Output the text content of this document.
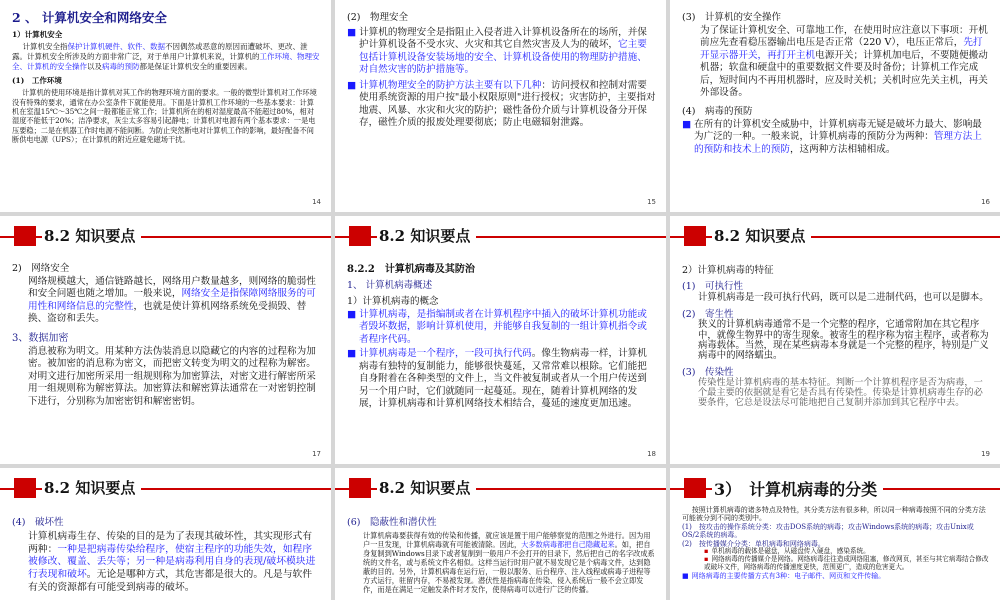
2 、 计算机安全和网络安全
1）计算机安全

计算机安全指保护计算机硬件、软件、数据不因偶然或恶意的原因而遭破坏、更改、泄露。计算机安全所涉及的方面非常广泛，对于单用户计算机来说，计算机的工作环境、物理安全、计算机的安全操作以及病毒的预防都是保证计算机安全的重要因素。

(1)　工作环境

计算机的使用环境是指计算机对其工作的物理环境方面的要求。一般的微型计算机对工作环境没有特殊的要求，通常在办公室条件下就能使用。下面是计算机工作环境的一些基本要求：计算机在室温15℃～35℃之间一般都能正常工作；计算机所在的相对湿度最高不能超过80%，相对湿度不能低于20%；洁净要求，灰尘太多容易引起静电；计算机对电源有两个基本要求：一是电压要稳；二是在机器工作时电源不能间断。为防止突然断电对计算机工作的影响，最好配备不间断供电电源（UPS）；在计算机的附近应避免磁场干扰。

14
(2)　物理安全

■ 计算机的物理安全是指阻止入侵者进入计算机设备所在的场所，并保护计算机设备不受水灾、火灾和其它自然灾害及人为的破坏，它主要包括计算机设备安装场地的安全、计算机设备使用的物理防护措施、对自然灾害的防护措施等。

■ 计算机物理安全的防护方法主要有以下几种：访问授权和控制对需要使用系统资源的用户按"最小权限原则"进行授权；灾害防护，主要指对地震、风暴、水灾和火灾的防护；磁性备份介质与计算机设备分开保存，磁性介质的报废处理要彻底；防止电磁辐射泄露。

15
(3)　计算机的安全操作

为了保证计算机安全、可靠地工作，在使用时应注意以下事项：开机前应先查看稳压器输出电压是否正常（220 V），电压正常后，先打开显示器开关，再打开主机电源开关；计算机加电后，不要随便搬动机器；软盘和硬盘中的重要数据文件要及时备份；计算机工作完成后，短时间内不再用机器时，应及时关机；关机时应先关主机，再关外部设备。

(4)　病毒的预防

■ 在所有的计算机安全威胁中，计算机病毒无疑是破坏力最大、影响最为广泛的一种。一般来说，计算机病毒的预防分为两种：管理方法上的预防和技术上的预防，这两种方法相辅相成。

16
8.2 知识要点
2)　网络安全

网络规模越大，通信链路越长，网络用户数量越多，则网络的脆弱性和安全问题也随之增加。一般来说，网络安全是指保障网络服务的可用性和网络信息的完整性，也就是使计算机网络系统免受损毁、替换、盗窃和丢失。

3、数据加密

消息被称为明文。用某种方法伪装消息以隐藏它的内容的过程称为加密。被加密的消息称为密文，而把密文转变为明文的过程称为解密。对明文进行加密所采用一组规则称为加密算法，对密文进行解密所采用一组规则称为解密算法。加密算法和解密算法通常在一对密钥控制下进行，分别称为加密密钥和解密密钥。

17
8.2 知识要点
8.2.2　计算机病毒及其防治
1、 计算机病毒概述
1）计算机病毒的概念

■ 计算机病毒，是指编制或者在计算机程序中插入的破坏计算机功能或者毁坏数据，影响计算机使用，并能够自我复制的一组计算机指令或者程序代码。

■ 计算机病毒是一个程序，一段可执行代码。像生物病毒一样，计算机病毒有独特的复制能力，能够很快蔓延，又常常难以根除。它们能把自身附着在各种类型的文件上，当文件被复制或者从一个用户传送到另一个用户时，它们就随同一起蔓延。现在，随着计算机网络的发展，计算机病毒和计算机网络技术相结合，蔓延的速度更加迅速。

18
8.2 知识要点
2）计算机病毒的特征
(1)　可执行性

计算机病毒是一段可执行代码，既可以是二进制代码，也可以是脚本。

(2)　寄生性

狭义的计算机病毒通常不是一个完整的程序，它通常附加在其它程序中，就像生物界中的寄生现象。被寄生的程序称为宿主程序，或者称为病毒载体。当然，现在某些病毒本身就是一个完整的程序，特别是广义病毒中的网络蠕虫。

(3)　传染性

传染性是计算机病毒的基本特征。判断一个计算机程序是否为病毒，一个最主要的依据就是看它是否具有传染性。传染是计算机病毒生存的必要条件，它总是设法尽可能地把自己复制并添加到其它程序中去。

19
8.2 知识要点
(4)　破坏性

计算机病毒生存、传染的目的是为了表现其破坏性，其实现形式有两种：一种是把病毒传染给程序，使宿主程序的功能失效，如程序被修改、覆盖、丢失等；另一种是病毒利用自身的表现/破坏模块进行表现和破坏。无论是哪种方式，其危害都是很大的。凡是与软件有关的资源都有可能受到病毒的破坏。

8.2 知识要点
(6)　隐蔽性和潜伏性

计算机病毒要获得有效的传染和传播，就应该是置于用户能够察觉的范围之外进行。因为用户一旦发现，计算机病毒就有可能被清除。因此，大多数病毒都把自己隐藏起来。如，把自身复制到Windows目录下或者复制到一般用户不会打开的目录下，然后把自己的名字改成系统的文件名，或与系统文件名相似。这样当运行时用户就不易发现它是个病毒文件，达到隐蔽的目的。另外，计算机病毒在运行后，一般以服务、后台程序、注入线程或病毒子进程等方式运行，驻留内存，不易被发现。潜伏性是指病毒在传染、侵入系统后一般不会立即发作，而是在满足一定触发条件时才发作，使得病毒可以进行广泛的传播。

3）　计算机病毒的分类

按照计算机病毒的诸多特点及特性，其分类方法有很多种，所以同一种病毒按照不同的分类方法可能被分到不同的类别中。

(1)　按攻击的操作系统分类：攻击DOS系统的病毒；攻击Windows系统的病毒；攻击Unix或OS/2系统的病毒。

(2)　按传播媒介分类：单机病毒和网络病毒。

▪ 单机病毒的载体是磁盘，从磁盘传入硬盘，感染系统。

▪ 网络病毒的传播媒介是网络。网络病毒往往造成网络阻塞，修改网页，甚至与其它病毒结合修改或破坏文件，网络病毒的传播速度更快，范围更广，造成的危害更大。

■ 网络病毒的主要传播方式有3种：电子邮件、网页和文件传输。
